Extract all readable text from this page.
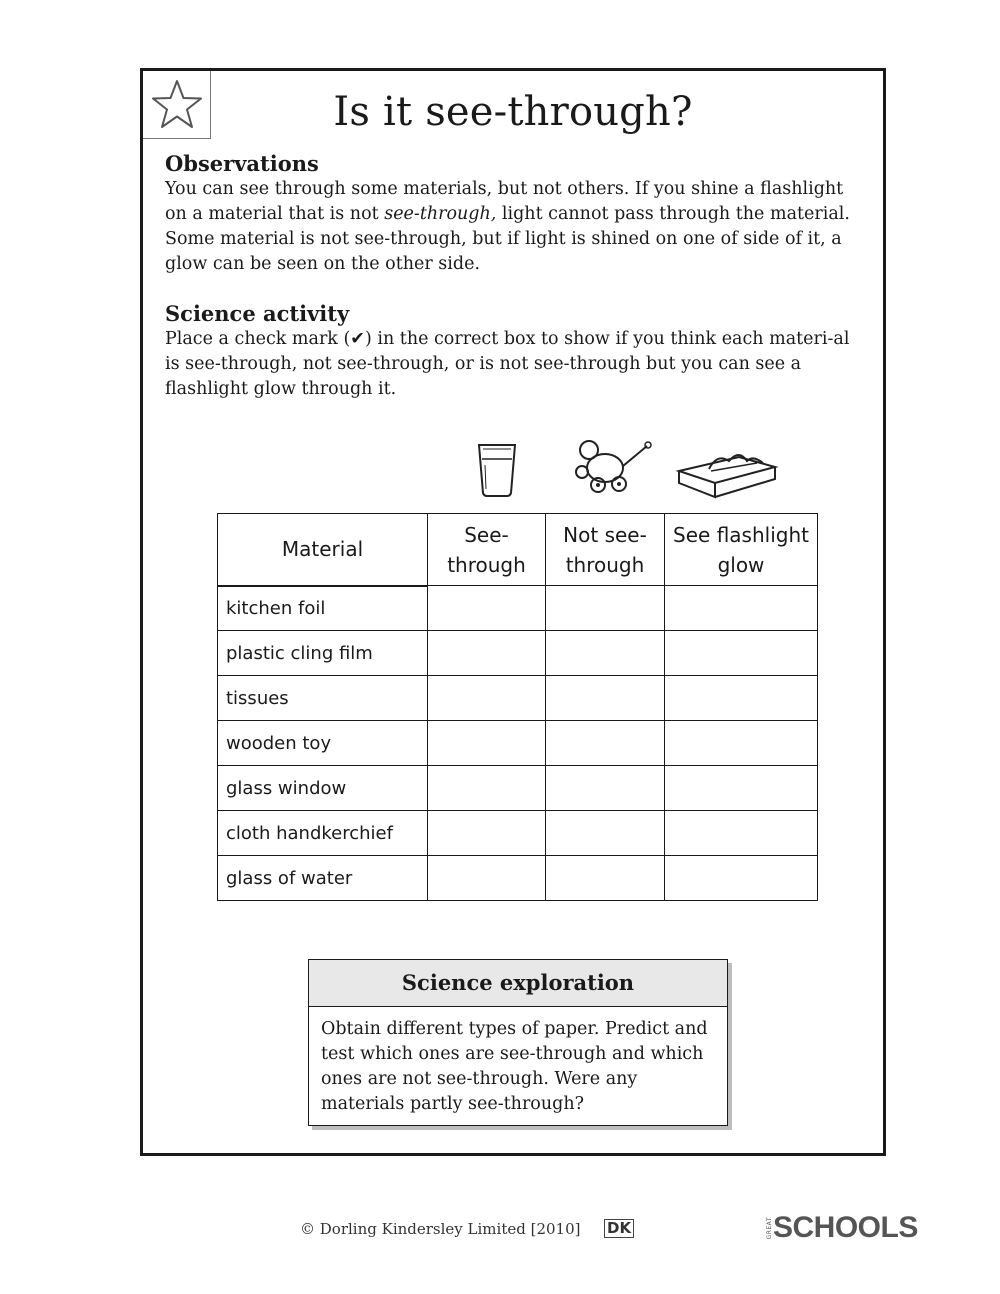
Is it see-through?

Observations

You can see through some materials, but not others. If you shine a flashlight on a material that is not see-through, light cannot pass through the material. Some material is not see-through, but if light is shined on one of side of it, a glow can be seen on the other side.

Science activity

Place a check mark (✔) in the correct box to show if you think each materi-al is see-through, not see-through, or is not see-through but you can see a flashlight glow through it.

Material	See-through	Not see-through	See flashlight glow
kitchen foil			
plastic cling film			
tissues			
wooden toy			
glass window			
cloth handkerchief			
glass of water			
Science exploration
Obtain different types of paper. Predict and test which ones are see-through and which ones are not see-through. Were any materials partly see-through?
© Dorling Kindersley Limited [2010] DK	GREAT SCHOOLS
